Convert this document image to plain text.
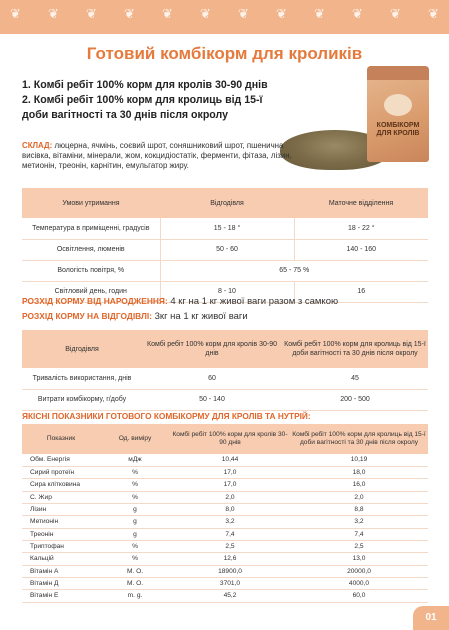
❦ ❦ ❦ ❦ ❦ ❦ ❦ ❦ ❦ ❦ ❦ ❦
Готовий комбікорм для кроликів
1. Комбі ребіт 100% корм для кролів 30-90 днів
2. Комбі ребіт 100% корм для кролиць від 15-ї
доби вагітності та 30 днів після окролу
КОМБІКОРМ ДЛЯ КРОЛІВ
СКЛАД: люцерна, ячмінь, соєвий шрот, соняшниковий шрот, пшенична висівка, вітаміни, мінерали, жом, кокцидіостатік, ферменти, фітаза, лізин, метионін, треонін, карнітин, емульгатор жиру.
Умови утримання	Відгодівля	Маточне відділення
Температура в приміщенні, градусів	15 - 18 °	18 - 22 °
Освітлення, люменів	50 - 60	140 - 160
Вологість повітря, %	65 - 75 %	
Світловий день, годин	8 - 10	16
РОЗХІД КОРМУ ВІД НАРОДЖЕННЯ: 4 кг на 1 кг живої ваги разом з самкою
РОЗХІД КОРМУ НА ВІДГОДІВЛІ: 3кг на 1 кг живої ваги
Відгодівля	Комбі ребіт 100% корм для кролів 30-90 днів	Комбі ребіт 100% корм для кролиць від 15-ї доби вагітності та 30 днів після окролу
Тривалість використання, днів	60	45
Витрати комбікорму, г/добу	50 - 140	200 - 500
ЯКІСНІ ПОКАЗНИКИ ГОТОВОГО КОМБІКОРМУ ДЛЯ КРОЛІВ ТА НУТРІЙ:
Показник	Од. виміру	Комбі ребіт 100% корм для кролів 30-90 днів	Комбі ребіт 100% корм для кролиць від 15-ї доби вагітності та 30 днів після окролу
Обм. Енергія	мДж	10,44	10,19
Сирий протеїн	%	17,0	18,0
Сира клітковина	%	17,0	16,0
С. Жир	%	2,0	2,0
Лізин	g	8,0	8,8
Метионін	g	3,2	3,2
Треонін	g	7,4	7,4
Триптофан	%	2,5	2,5
Кальцій	%	12,6	13,0
Вітамін А	М. О.	18900,0	20000,0
Вітамін Д	М. О.	3701,0	4000,0
Вітамін Е	m. g.	45,2	60,0
01
